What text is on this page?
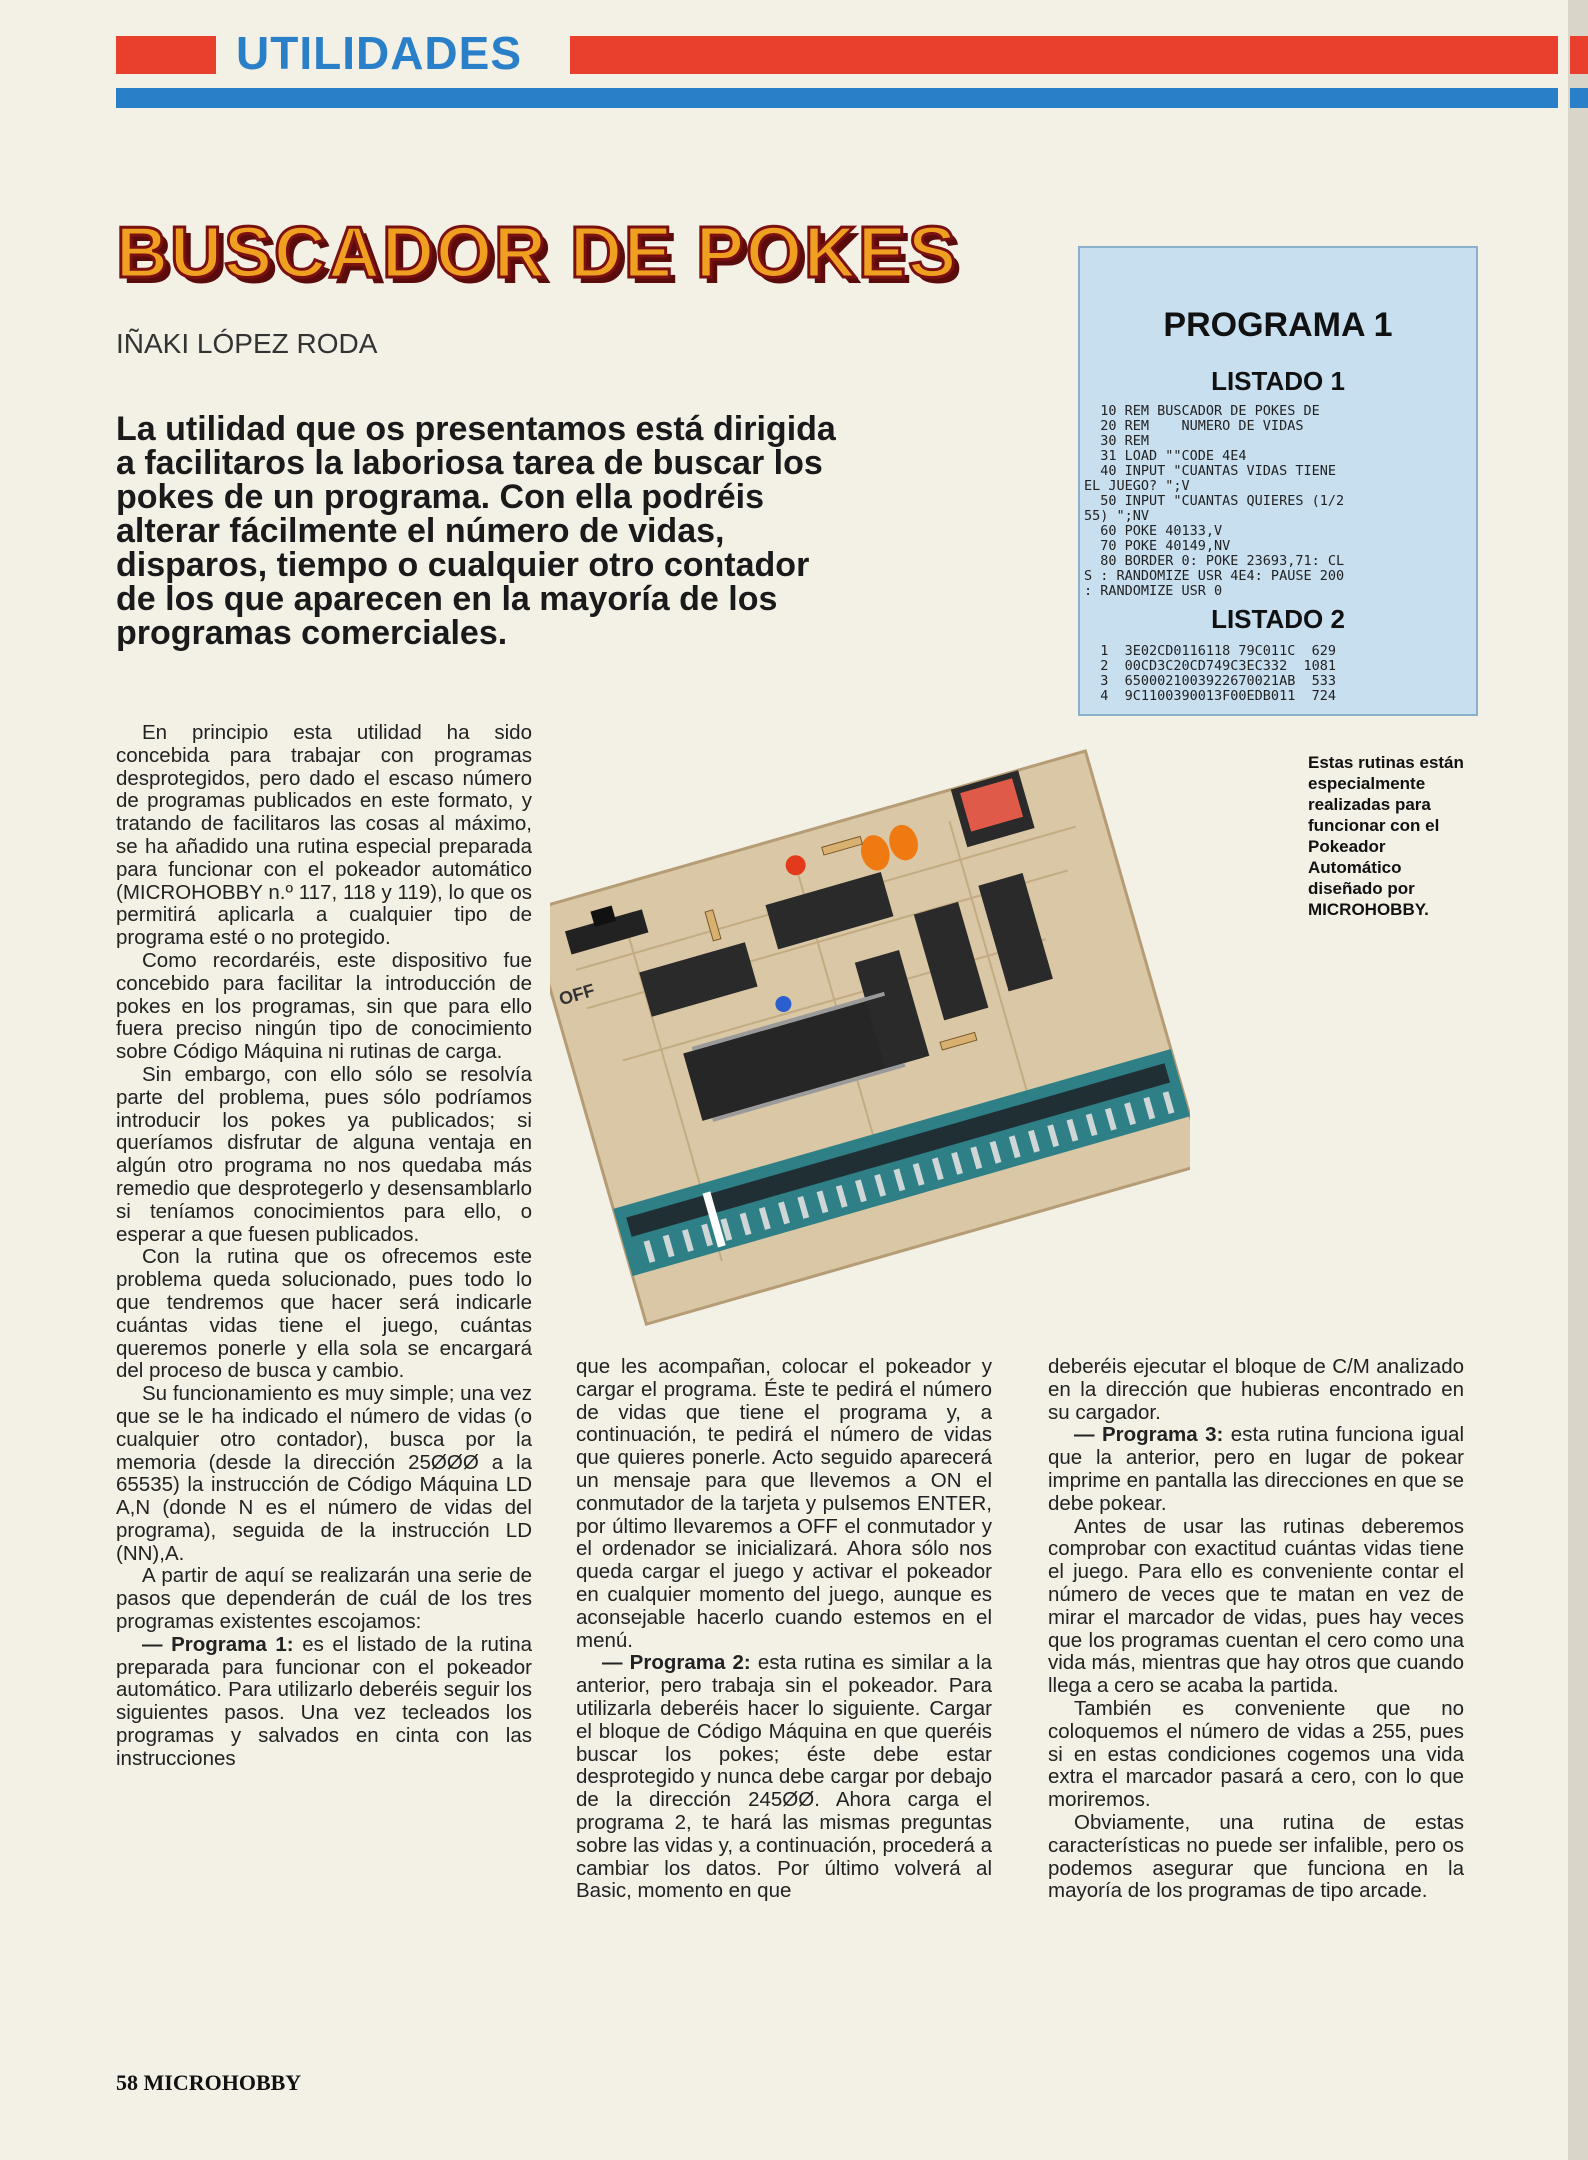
UTILIDADES
BUSCADOR DE POKES
IÑAKI LÓPEZ RODA
La utilidad que os presentamos está dirigida a facilitaros la laboriosa tarea de buscar los pokes de un programa. Con ella podréis alterar fácilmente el número de vidas, disparos, tiempo o cualquier otro contador de los que aparecen en la mayoría de los programas comerciales.
PROGRAMA 1
LISTADO 1
10 REM BUSCADOR DE POKES DE
20 REM    NUMERO DE VIDAS
30 REM
31 LOAD ""CODE 4E4
40 INPUT "CUANTAS VIDAS TIENE
EL JUEGO? ";V
50 INPUT "CUANTAS QUIERES (1/2
55) ";NV
60 POKE 40133,V
70 POKE 40149,NV
80 BORDER 0: POKE 23693,71: CL
S : RANDOMIZE USR 4E4: PAUSE 200
: RANDOMIZE USR 0
LISTADO 2
1  3E02CD0116118 79C011C  629
2  00CD3C20CD749C3EC332  1081
3  6500021003922670021AB  533
4  9C1100390013F00EDB011  724
Estas rutinas están especialmente realizadas para funcionar con el Pokeador Automático diseñado por MICROHOBBY.
OFF

En principio esta utilidad ha sido concebida para trabajar con programas desprotegidos, pero dado el escaso número de programas publicados en este formato, y tratando de facilitaros las cosas al máximo, se ha añadido una rutina especial preparada para funcionar con el pokeador automático (MICROHOBBY n.º 117, 118 y 119), lo que os permitirá aplicarla a cualquier tipo de programa esté o no protegido.

Como recordaréis, este dispositivo fue concebido para facilitar la introducción de pokes en los programas, sin que para ello fuera preciso ningún tipo de conocimiento sobre Código Máquina ni rutinas de carga.

Sin embargo, con ello sólo se resolvía parte del problema, pues sólo podríamos introducir los pokes ya publicados; si queríamos disfrutar de alguna ventaja en algún otro programa no nos quedaba más remedio que desprotegerlo y desensamblarlo si teníamos conocimientos para ello, o esperar a que fuesen publicados.

Con la rutina que os ofrecemos este problema queda solucionado, pues todo lo que tendremos que hacer será indicarle cuántas vidas tiene el juego, cuántas queremos ponerle y ella sola se encargará del proceso de busca y cambio.

Su funcionamiento es muy simple; una vez que se le ha indicado el número de vidas (o cualquier otro contador), busca por la memoria (desde la dirección 25ØØØ a la 65535) la instrucción de Código Máquina LD A,N (donde N es el número de vidas del programa), seguida de la instrucción LD (NN),A.

A partir de aquí se realizarán una serie de pasos que dependerán de cuál de los tres programas existentes escojamos:

— Programa 1: es el listado de la rutina preparada para funcionar con el pokeador automático. Para utilizarlo deberéis seguir los siguientes pasos. Una vez tecleados los programas y salvados en cinta con las instrucciones

que les acompañan, colocar el pokeador y cargar el programa. Éste te pedirá el número de vidas que tiene el programa y, a continuación, te pedirá el número de vidas que quieres ponerle. Acto seguido aparecerá un mensaje para que llevemos a ON el conmutador de la tarjeta y pulsemos ENTER, por último llevaremos a OFF el conmutador y el ordenador se inicializará. Ahora sólo nos queda cargar el juego y activar el pokeador en cualquier momento del juego, aunque es aconsejable hacerlo cuando estemos en el menú.

— Programa 2: esta rutina es similar a la anterior, pero trabaja sin el pokeador. Para utilizarla deberéis hacer lo siguiente. Cargar el bloque de Código Máquina en que queréis buscar los pokes; éste debe estar desprotegido y nunca debe cargar por debajo de la dirección 245ØØ. Ahora carga el programa 2, te hará las mismas preguntas sobre las vidas y, a continuación, procederá a cambiar los datos. Por último volverá al Basic, momento en que

deberéis ejecutar el bloque de C/M analizado en la dirección que hubieras encontrado en su cargador.

— Programa 3: esta rutina funciona igual que la anterior, pero en lugar de pokear imprime en pantalla las direcciones en que se debe pokear.

Antes de usar las rutinas deberemos comprobar con exactitud cuántas vidas tiene el juego. Para ello es conveniente contar el número de veces que te matan en vez de mirar el marcador de vidas, pues hay veces que los programas cuentan el cero como una vida más, mientras que hay otros que cuando llega a cero se acaba la partida.

También es conveniente que no coloquemos el número de vidas a 255, pues si en estas condiciones cogemos una vida extra el marcador pasará a cero, con lo que moriremos.

Obviamente, una rutina de estas características no puede ser infalible, pero os podemos asegurar que funciona en la mayoría de los programas de tipo arcade.

58 MICROHOBBY
